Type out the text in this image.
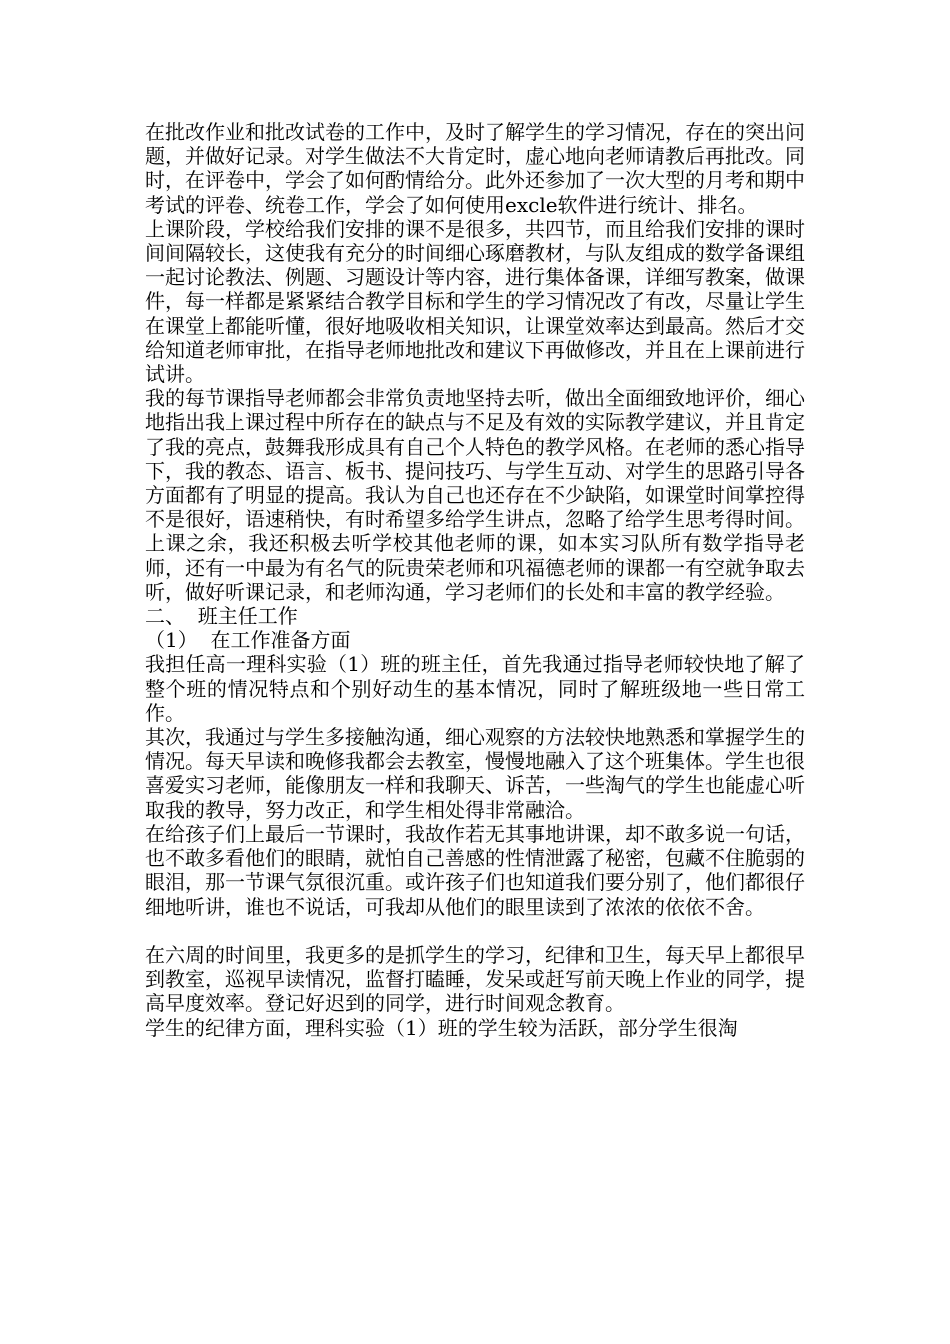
在批改作业和批改试卷的工作中，及时了解学生的学习情况，存在的突出问题，并做好记录。对学生做法不大肯定时，虚心地向老师请教后再批改。同时，在评卷中，学会了如何酌情给分。此外还参加了一次大型的月考和期中考试的评卷、统卷工作，学会了如何使用excle软件进行统计、排名。

上课阶段，学校给我们安排的课不是很多，共四节，而且给我们安排的课时间间隔较长，这使我有充分的时间细心琢磨教材，与队友组成的数学备课组一起讨论教法、例题、习题设计等内容，进行集体备课，详细写教案，做课件，每一样都是紧紧结合教学目标和学生的学习情况改了有改，尽量让学生在课堂上都能听懂，很好地吸收相关知识，让课堂效率达到最高。然后才交给知道老师审批，在指导老师地批改和建议下再做修改，并且在上课前进行试讲。

我的每节课指导老师都会非常负责地坚持去听，做出全面细致地评价，细心地指出我上课过程中所存在的缺点与不足及有效的实际教学建议，并且肯定了我的亮点，鼓舞我形成具有自己个人特色的教学风格。在老师的悉心指导下，我的教态、语言、板书、提问技巧、与学生互动、对学生的思路引导各方面都有了明显的提高。我认为自己也还存在不少缺陷，如课堂时间掌控得不是很好，语速稍快，有时希望多给学生讲点，忽略了给学生思考得时间。

上课之余，我还积极去听学校其他老师的课，如本实习队所有数学指导老师，还有一中最为有名气的阮贵荣老师和巩福德老师的课都一有空就争取去听，做好听课记录，和老师沟通，学习老师们的长处和丰富的教学经验。

二、  班主任工作

（1）  在工作准备方面

我担任高一理科实验（1）班的班主任，首先我通过指导老师较快地了解了整个班的情况特点和个别好动生的基本情况，同时了解班级地一些日常工作。

其次，我通过与学生多接触沟通，细心观察的方法较快地熟悉和掌握学生的情况。每天早读和晚修我都会去教室，慢慢地融入了这个班集体。学生也很喜爱实习老师，能像朋友一样和我聊天、诉苦，一些淘气的学生也能虚心听取我的教导，努力改正，和学生相处得非常融洽。

在给孩子们上最后一节课时，我故作若无其事地讲课，却不敢多说一句话，也不敢多看他们的眼睛，就怕自己善感的性情泄露了秘密，包藏不住脆弱的眼泪，那一节课气氛很沉重。或许孩子们也知道我们要分别了，他们都很仔细地听讲，谁也不说话，可我却从他们的眼里读到了浓浓的依依不舍。

在六周的时间里，我更多的是抓学生的学习，纪律和卫生，每天早上都很早到教室，巡视早读情况，监督打瞌睡，发呆或赶写前天晚上作业的同学，提高早度效率。登记好迟到的同学，进行时间观念教育。

学生的纪律方面，理科实验（1）班的学生较为活跃，部分学生很淘
